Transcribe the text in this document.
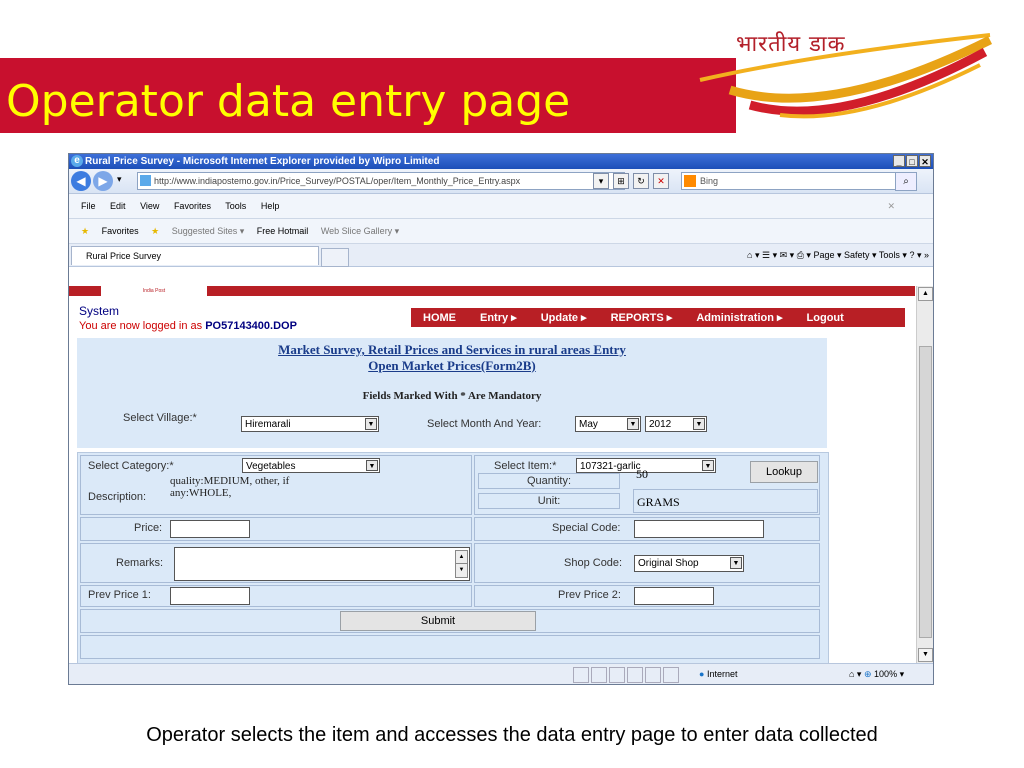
भारतीय डाक
Operator data entry page
e Rural Price Survey - Microsoft Internet Explorer provided by Wipro Limited	_ □ ✕
◀	▶	▾	http://www.indiapostemo.gov.in/Price_Survey/POSTAL/oper/Item_Monthly_Price_Entry.aspx	▾	⊞	↻	✕	Bing	⌕
File Edit View Favorites Tools Help	✕
★ Favorites ★ Suggested Sites ▾ Free Hotmail Web Slice Gallery ▾
Rural Price Survey	⌂ ▾ ☰ ▾ ✉ ▾ ⎙ ▾ Page ▾ Safety ▾ Tools ▾ ? ▾ »
India Post
System
You are now logged in as PO57143400.DOP
HOME	Entry ▸	Update ▸	REPORTS ▸	Administration ▸	Logout
Market Survey, Retail Prices and Services in rural areas Entry
Open Market Prices(Form2B)
Fields Marked With * Are Mandatory
Select Village:*
Hiremarali	▼	Select Month And Year:	May	▼	2012	▼
Select Category:*	Vegetables	▼
Description:
quality:MEDIUM, other, if any:WHOLE,
Select Item:*	107321-garlic	▼
Quantity:	50	Lookup
Unit:	GRAMS
Price:	Special Code:
Remarks:	▲
▼
Shop Code:	Original Shop	▼
Prev Price 1:	Prev Price 2:
Submit
▲
▼
● Internet	⌂ ▾ ⊕ 100% ▾
Operator selects the item and accesses the data entry page to enter data collected
